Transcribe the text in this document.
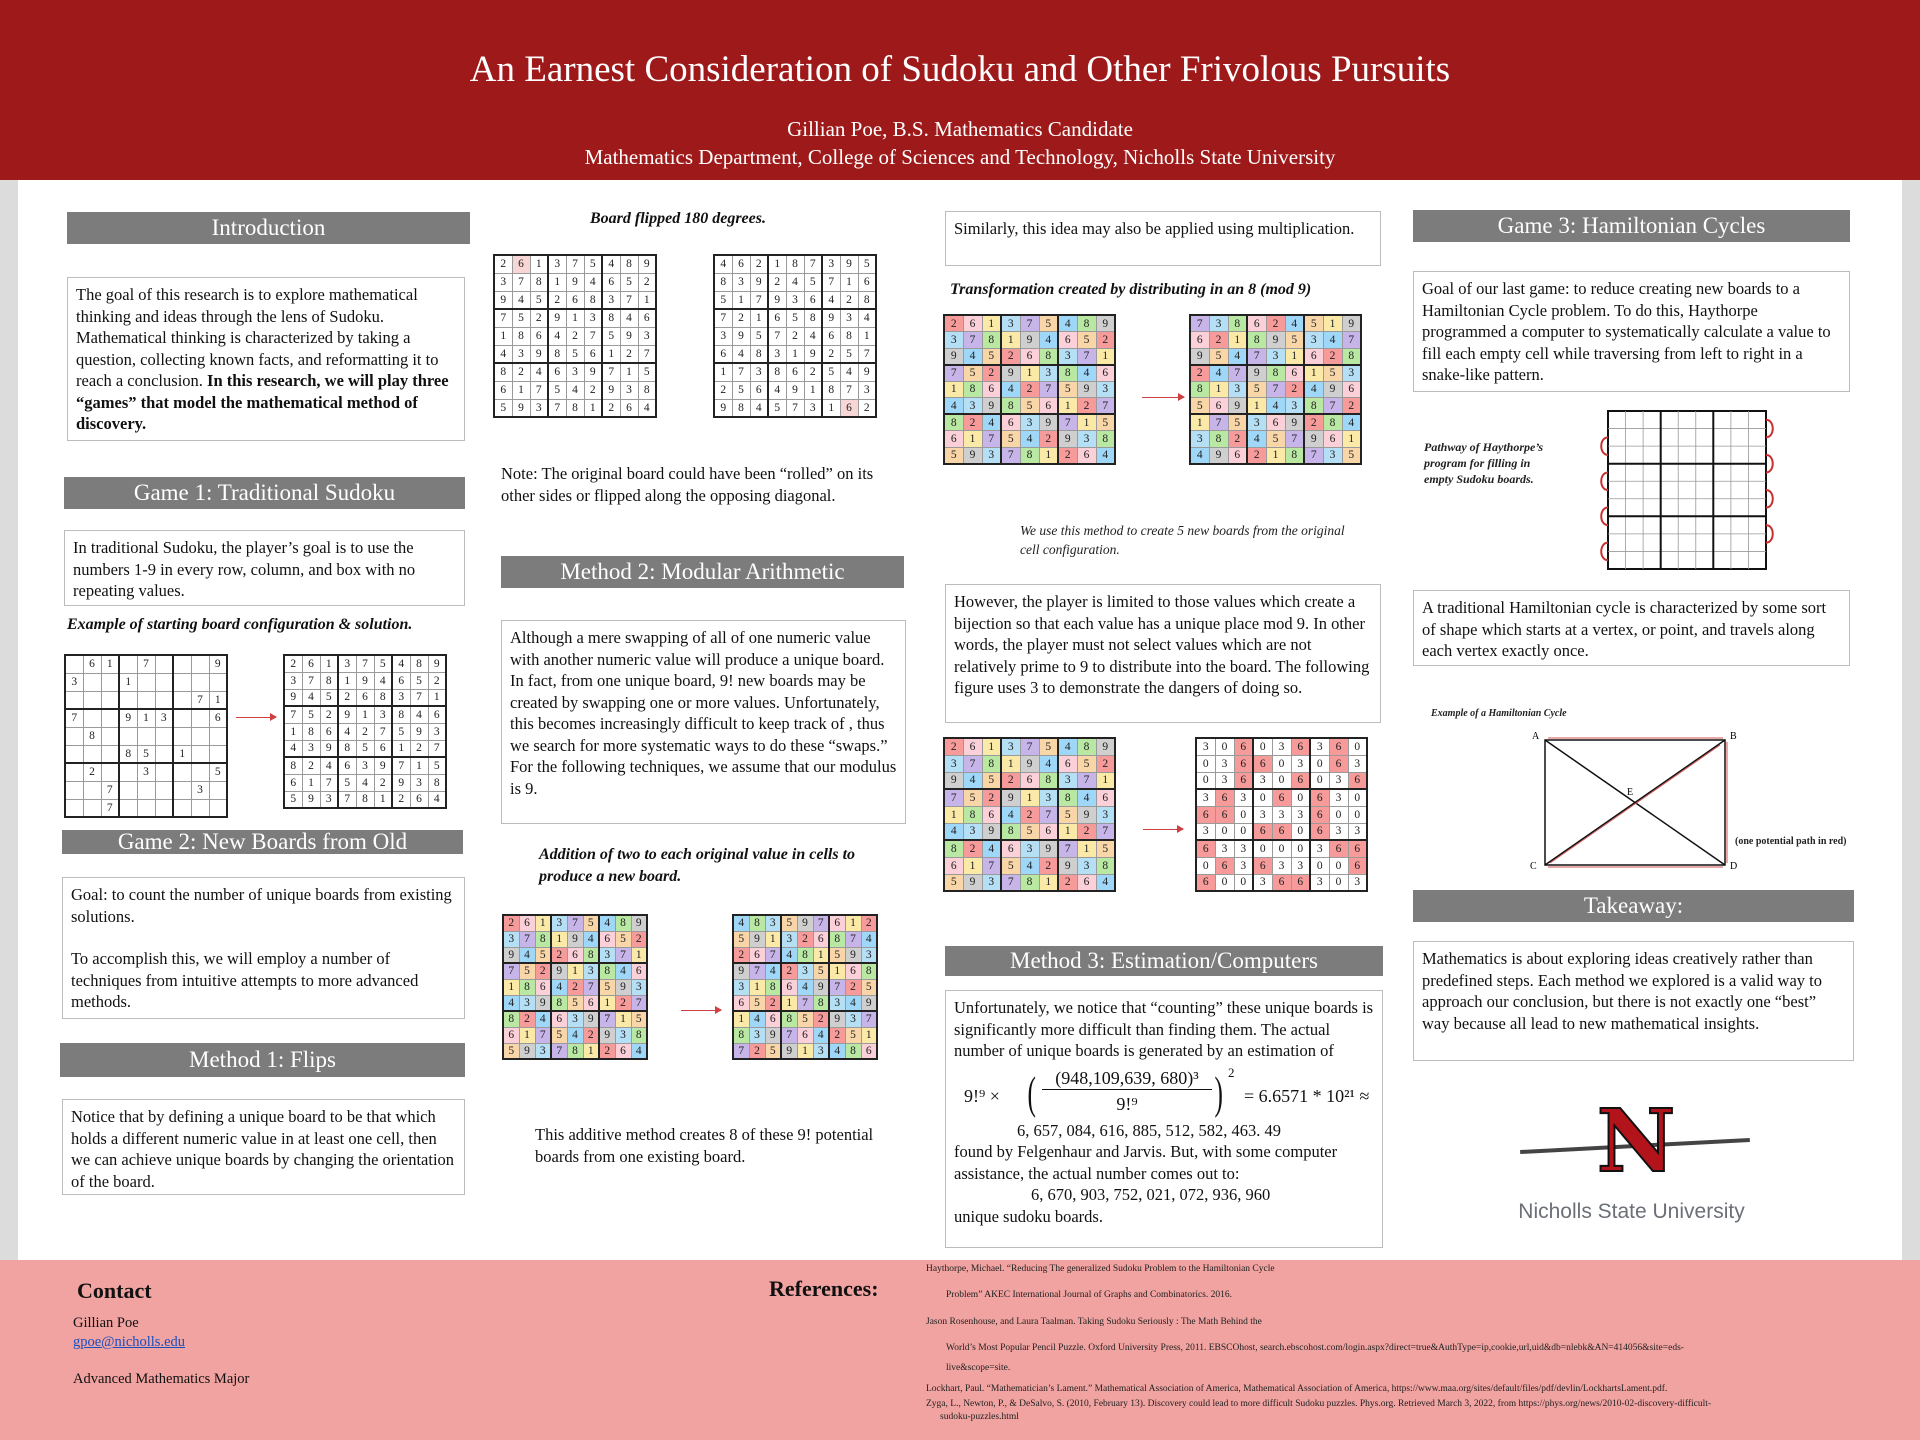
An Earnest Consideration of Sudoku and Other Frivolous Pursuits
Gillian Poe, B.S. Mathematics Candidate
Mathematics Department, College of Sciences and Technology, Nicholls State University
Introduction
The goal of this research is to explore mathematical thinking and ideas through the lens of Sudoku. Mathematical thinking is characterized by taking a question, collecting known facts, and reformatting it to reach a conclusion. In this research, we will play three “games” that model the mathematical method of discovery.
Game 1: Traditional Sudoku
In traditional Sudoku, the player’s goal is to use the numbers 1-9 in every row, column, and box with no repeating values.
Example of starting board configuration & solution.
	6	1		7				9
3			1					
							7	1
7			9	1	3			6
	8							
			8	5		1		
	2			3				5
		7					3	
		7						
2	6	1	3	7	5	4	8	9
3	7	8	1	9	4	6	5	2
9	4	5	2	6	8	3	7	1
7	5	2	9	1	3	8	4	6
1	8	6	4	2	7	5	9	3
4	3	9	8	5	6	1	2	7
8	2	4	6	3	9	7	1	5
6	1	7	5	4	2	9	3	8
5	9	3	7	8	1	2	6	4
Game 2: New Boards from Old
Goal: to count the number of unique boards from existing solutions.
To accomplish this, we will employ a number of techniques from intuitive attempts to more advanced methods.
Method 1: Flips
Notice that by defining a unique board to be that which holds a different numeric value in at least one cell, then we can achieve unique boards by changing the orientation of the board.
Board flipped 180 degrees.
2	6	1	3	7	5	4	8	9
3	7	8	1	9	4	6	5	2
9	4	5	2	6	8	3	7	1
7	5	2	9	1	3	8	4	6
1	8	6	4	2	7	5	9	3
4	3	9	8	5	6	1	2	7
8	2	4	6	3	9	7	1	5
6	1	7	5	4	2	9	3	8
5	9	3	7	8	1	2	6	4
4	6	2	1	8	7	3	9	5
8	3	9	2	4	5	7	1	6
5	1	7	9	3	6	4	2	8
7	2	1	6	5	8	9	3	4
3	9	5	7	2	4	6	8	1
6	4	8	3	1	9	2	5	7
1	7	3	8	6	2	5	4	9
2	5	6	4	9	1	8	7	3
9	8	4	5	7	3	1	6	2
Note: The original board could have been “rolled” on its other sides or flipped along the opposing diagonal.
Method 2: Modular Arithmetic
Although a mere swapping of all of one numeric value with another numeric value will produce a unique board. In fact, from one unique board, 9! new boards may be created by swapping one or more values. Unfortunately, this becomes increasingly difficult to keep track of , thus we search for more systematic ways to do these “swaps.” For the following techniques, we assume that our modulus is 9.
Addition of two to each original value in cells to produce a new board.
2	6	1	3	7	5	4	8	9
3	7	8	1	9	4	6	5	2
9	4	5	2	6	8	3	7	1
7	5	2	9	1	3	8	4	6
1	8	6	4	2	7	5	9	3
4	3	9	8	5	6	1	2	7
8	2	4	6	3	9	7	1	5
6	1	7	5	4	2	9	3	8
5	9	3	7	8	1	2	6	4
4	8	3	5	9	7	6	1	2
5	9	1	3	2	6	8	7	4
2	6	7	4	8	1	5	9	3
9	7	4	2	3	5	1	6	8
3	1	8	6	4	9	7	2	5
6	5	2	1	7	8	3	4	9
1	4	6	8	5	2	9	3	7
8	3	9	7	6	4	2	5	1
7	2	5	9	1	3	4	8	6
This additive method creates 8 of these 9! potential boards from one existing board.
Similarly, this idea may also be applied using multiplication.
Transformation created by distributing in an 8 (mod 9)
2	6	1	3	7	5	4	8	9
3	7	8	1	9	4	6	5	2
9	4	5	2	6	8	3	7	1
7	5	2	9	1	3	8	4	6
1	8	6	4	2	7	5	9	3
4	3	9	8	5	6	1	2	7
8	2	4	6	3	9	7	1	5
6	1	7	5	4	2	9	3	8
5	9	3	7	8	1	2	6	4
7	3	8	6	2	4	5	1	9
6	2	1	8	9	5	3	4	7
9	5	4	7	3	1	6	2	8
2	4	7	9	8	6	1	5	3
8	1	3	5	7	2	4	9	6
5	6	9	1	4	3	8	7	2
1	7	5	3	6	9	2	8	4
3	8	2	4	5	7	9	6	1
4	9	6	2	1	8	7	3	5
We use this method to create 5 new boards from the original cell configuration.
However, the player is limited to those values which create a bijection so that each value has a unique place mod 9. In other words, the player must not select values which are not relatively prime to 9 to distribute into the board. The following figure uses 3 to demonstrate the dangers of doing so.
2	6	1	3	7	5	4	8	9
3	7	8	1	9	4	6	5	2
9	4	5	2	6	8	3	7	1
7	5	2	9	1	3	8	4	6
1	8	6	4	2	7	5	9	3
4	3	9	8	5	6	1	2	7
8	2	4	6	3	9	7	1	5
6	1	7	5	4	2	9	3	8
5	9	3	7	8	1	2	6	4
3	0	6	0	3	6	3	6	0
0	3	6	6	0	3	0	6	3
0	3	6	3	0	6	0	3	6
3	6	3	0	6	0	6	3	0
6	6	0	3	3	3	6	0	0
3	0	0	6	6	0	6	3	3
6	3	3	0	0	0	3	6	6
0	6	3	6	3	3	0	0	6
6	0	0	3	6	6	3	0	3
Method 3: Estimation/Computers
Unfortunately, we notice that “counting” these unique boards is significantly more difficult than finding them. The actual number of unique boards is generated by an estimation of
9!⁹ × (	(948,109,639, 680)³
9!⁹	) 2
= 6.6571 * 10²¹ ≈
6, 657, 084, 616, 885, 512, 582, 463. 49
found by Felgenhaur and Jarvis. But, with some computer assistance, the actual number comes out to:
6, 670, 903, 752, 021, 072, 936, 960
unique sudoku boards.
Game 3: Hamiltonian Cycles
Goal of our last game: to reduce creating new boards to a Hamiltonian Cycle problem. To do this, Haythorpe programmed a computer to systematically calculate a value to fill each empty cell while traversing from left to right in a snake-like pattern.
Pathway of Haythorpe’s program for filling in empty Sudoku boards.
A traditional Hamiltonian cycle is characterized by some sort of shape which starts at a vertex, or point, and travels along each vertex exactly once.
Example of a Hamiltonian Cycle
A	B
C	D
E
(one potential path in red)
Takeaway:
Mathematics is about exploring ideas creatively rather than predefined steps. Each method we explored is a valid way to approach our conclusion, but there is not exactly one “best” way because all lead to new mathematical insights.
N
Nicholls State University
Contact
Gillian Poe
gpoe@nicholls.edu
Advanced Mathematics Major
References:
Haythorpe, Michael. “Reducing The generalized Sudoku Problem to the Hamiltonian Cycle
Problem” AKEC International Journal of Graphs and Combinatorics. 2016.
Jason Rosenhouse, and Laura Taalman. Taking Sudoku Seriously : The Math Behind the
World’s Most Popular Pencil Puzzle. Oxford University Press, 2011. EBSCOhost, search.ebscohost.com/login.aspx?direct=true&AuthType=ip,cookie,url,uid&db=nlebk&AN=414056&site=eds-
live&scope=site.
Lockhart, Paul. “Mathematician’s Lament.” Mathematical Association of America, Mathematical Association of America, https://www.maa.org/sites/default/files/pdf/devlin/LockhartsLament.pdf.
Zyga, L., Newton, P., & DeSalvo, S. (2010, February 13). Discovery could lead to more difficult Sudoku puzzles. Phys.org. Retrieved March 3, 2022, from https://phys.org/news/2010-02-discovery-difficult-
sudoku-puzzles.html
